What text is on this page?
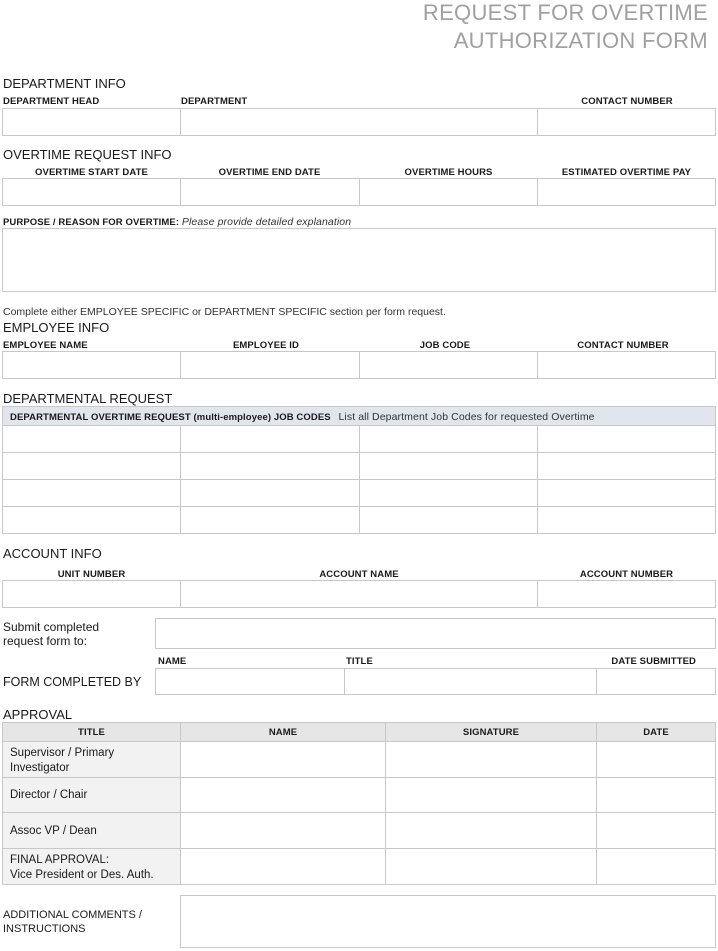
REQUEST FOR OVERTIME
AUTHORIZATION FORM
DEPARTMENT INFO
DEPARTMENT HEAD	DEPARTMENT	CONTACT NUMBER
OVERTIME REQUEST INFO
OVERTIME START DATE	OVERTIME END DATE	OVERTIME HOURS	ESTIMATED OVERTIME PAY
PURPOSE / REASON FOR OVERTIME: Please provide detailed explanation
Complete either EMPLOYEE SPECIFIC or DEPARTMENT SPECIFIC section per form request.
EMPLOYEE INFO
EMPLOYEE NAME	EMPLOYEE ID	JOB CODE	CONTACT NUMBER
DEPARTMENTAL REQUEST
DEPARTMENTAL OVERTIME REQUEST (multi-employee) JOB CODES List all Department Job Codes for requested Overtime
ACCOUNT INFO
UNIT NUMBER	ACCOUNT NAME	ACCOUNT NUMBER
Submit completed
request form to:
NAME	TITLE	DATE SUBMITTED
FORM COMPLETED BY
APPROVAL
TITLE	NAME	SIGNATURE	DATE
Supervisor / Primary
Investigator
Director / Chair
Assoc VP / Dean
FINAL APPROVAL:
Vice President or Des. Auth.
ADDITIONAL COMMENTS /
INSTRUCTIONS
